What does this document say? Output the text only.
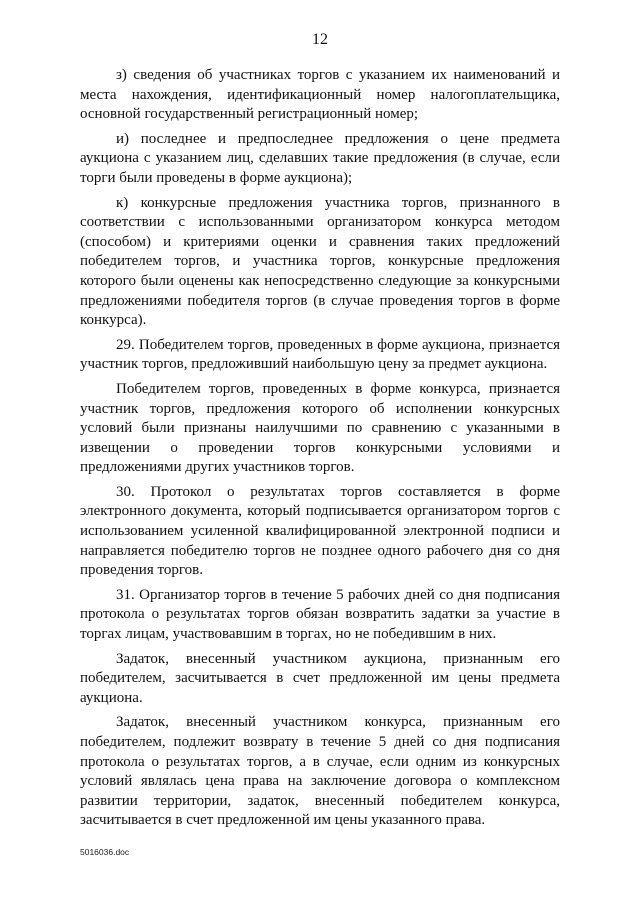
12

з) сведения об участниках торгов с указанием их наименований и места нахождения, идентификационный номер налогоплательщика, основной государственный регистрационный номер;

и) последнее и предпоследнее предложения о цене предмета аукциона с указанием лиц, сделавших такие предложения (в случае, если торги были проведены в форме аукциона);

к) конкурсные предложения участника торгов, признанного в соответствии с использованными организатором конкурса методом (способом) и критериями оценки и сравнения таких предложений победителем торгов, и участника торгов, конкурсные предложения которого были оценены как непосредственно следующие за конкурсными предложениями победителя торгов (в случае проведения торгов в форме конкурса).

29. Победителем торгов, проведенных в форме аукциона, признается участник торгов, предложивший наибольшую цену за предмет аукциона.

Победителем торгов, проведенных в форме конкурса, признается участник торгов, предложения которого об исполнении конкурсных условий были признаны наилучшими по сравнению с указанными в извещении о проведении торгов конкурсными условиями и предложениями других участников торгов.

30. Протокол о результатах торгов составляется в форме электронного документа, который подписывается организатором торгов с использованием усиленной квалифицированной электронной подписи и направляется победителю торгов не позднее одного рабочего дня со дня проведения торгов.

31. Организатор торгов в течение 5 рабочих дней со дня подписания протокола о результатах торгов обязан возвратить задатки за участие в торгах лицам, участвовавшим в торгах, но не победившим в них.

Задаток, внесенный участником аукциона, признанным его победителем, засчитывается в счет предложенной им цены предмета аукциона.

Задаток, внесенный участником конкурса, признанным его победителем, подлежит возврату в течение 5 дней со дня подписания протокола о результатах торгов, а в случае, если одним из конкурсных условий являлась цена права на заключение договора о комплексном развитии территории, задаток, внесенный победителем конкурса, засчитывается в счет предложенной им цены указанного права.

5016036.doc
